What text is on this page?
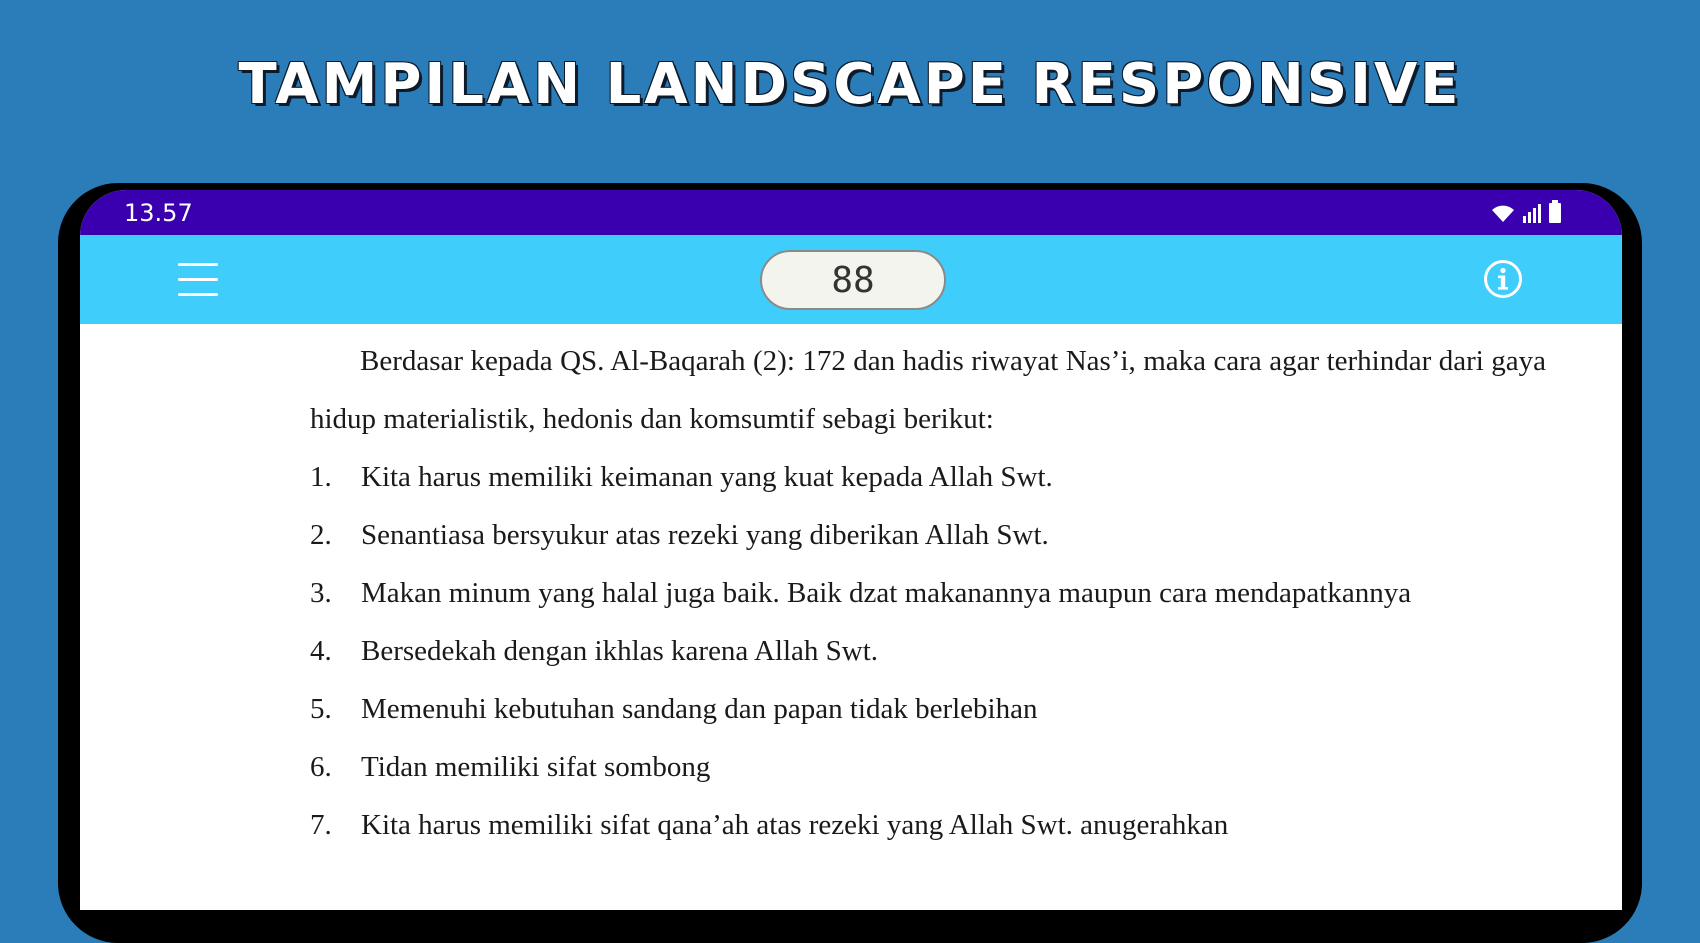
TAMPILAN LANDSCAPE RESPONSIVE
13.57
88

Berdasar kepada QS. Al-Baqarah (2): 172 dan hadis riwayat Nas’i, maka cara agar terhindar dari gaya hidup materialistik, hedonis dan komsumtif sebagi berikut:

1. Kita harus memiliki keimanan yang kuat kepada Allah Swt.
2. Senantiasa bersyukur atas rezeki yang diberikan Allah Swt.
3. Makan minum yang halal juga baik. Baik dzat makanannya maupun cara mendapatkannya
4. Bersedekah dengan ikhlas karena Allah Swt.
5. Memenuhi kebutuhan sandang dan papan tidak berlebihan
6. Tidan memiliki sifat sombong
7. Kita harus memiliki sifat qana’ah atas rezeki yang Allah Swt. anugerahkan
